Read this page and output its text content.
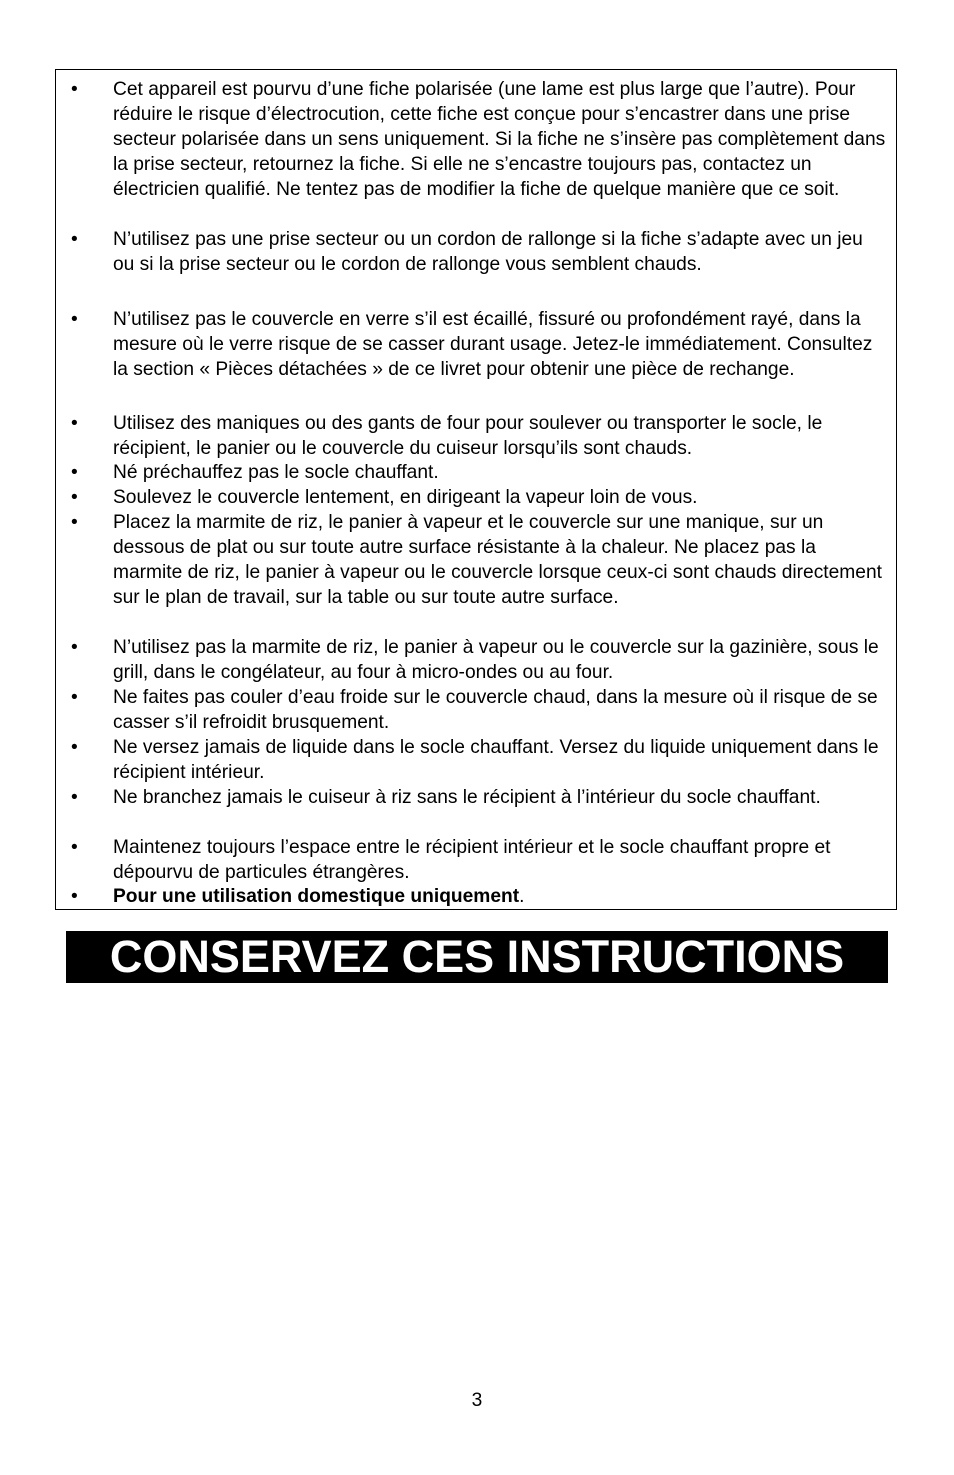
•	Cet appareil est pourvu d’une fiche polarisée (une lame est plus large que l’autre). Pour réduire le risque d’électrocution, cette fiche est conçue pour s’encastrer dans une prise secteur polarisée dans un sens uniquement. Si la fiche ne s’insère pas complètement dans la prise secteur, retournez la fiche. Si elle ne s’encastre toujours pas, contactez un électricien qualifié. Ne tentez pas de modifier la fiche de quelque manière que ce soit.
•	N’utilisez pas une prise secteur ou un cordon de rallonge si la fiche s’adapte avec un jeu ou si la prise secteur ou le cordon de rallonge vous semblent chauds.
•	N’utilisez pas le couvercle en verre s’il est écaillé, fissuré ou profondément rayé, dans la mesure où le verre risque de se casser durant usage. Jetez-le immédiatement. Consultez la section « Pièces détachées » de ce livret pour obtenir une pièce de rechange.
•	Utilisez des maniques ou des gants de four pour soulever ou transporter le socle, le récipient, le panier ou le couvercle du cuiseur lorsqu’ils sont chauds.
•	Né préchauffez pas le socle chauffant.
•	Soulevez le couvercle lentement, en dirigeant la vapeur loin de vous.
•	Placez la marmite de riz, le panier à vapeur et le couvercle sur une manique, sur un dessous de plat ou sur toute autre surface résistante à la chaleur. Ne placez pas la marmite de riz, le panier à vapeur ou le couvercle lorsque ceux-ci sont chauds directement sur le plan de travail, sur la table ou sur toute autre surface.
•	N’utilisez pas la marmite de riz, le panier à vapeur ou le couvercle sur la gazinière, sous le grill, dans le congélateur, au four à micro-ondes ou au four.
•	Ne faites pas couler d’eau froide sur le couvercle chaud, dans la mesure où il risque de se casser s’il refroidit brusquement.
•	Ne versez jamais de liquide dans le socle chauffant. Versez du liquide uniquement dans le récipient intérieur.
•	Ne branchez jamais le cuiseur à riz sans le récipient à l’intérieur du socle chauffant.
•	Maintenez toujours l’espace entre le récipient intérieur et le socle chauffant propre et dépourvu de particules étrangères.
•	Pour une utilisation domestique uniquement.
CONSERVEZ CES INSTRUCTIONS
3
